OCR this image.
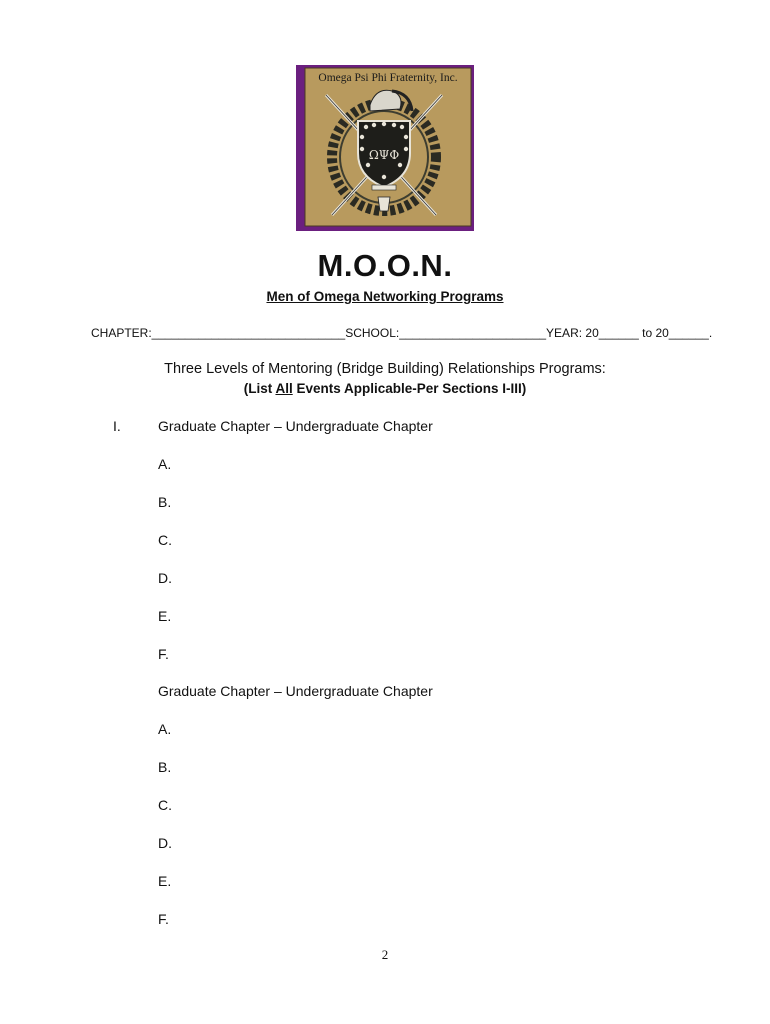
Omega Psi Phi Fraternity, Inc.
ΩΨΦ
M.O.O.N.
Men of Omega Networking Programs
CHAPTER:_____________________________SCHOOL:______________________YEAR: 20______ to 20______.
Three Levels of Mentoring (Bridge Building) Relationships Programs:
(List All Events Applicable-Per Sections I-III)
I.	Graduate Chapter – Undergraduate Chapter
A.
B.
C.
D.
E.
F.
Graduate Chapter – Undergraduate Chapter
A.
B.
C.
D.
E.
F.
2
